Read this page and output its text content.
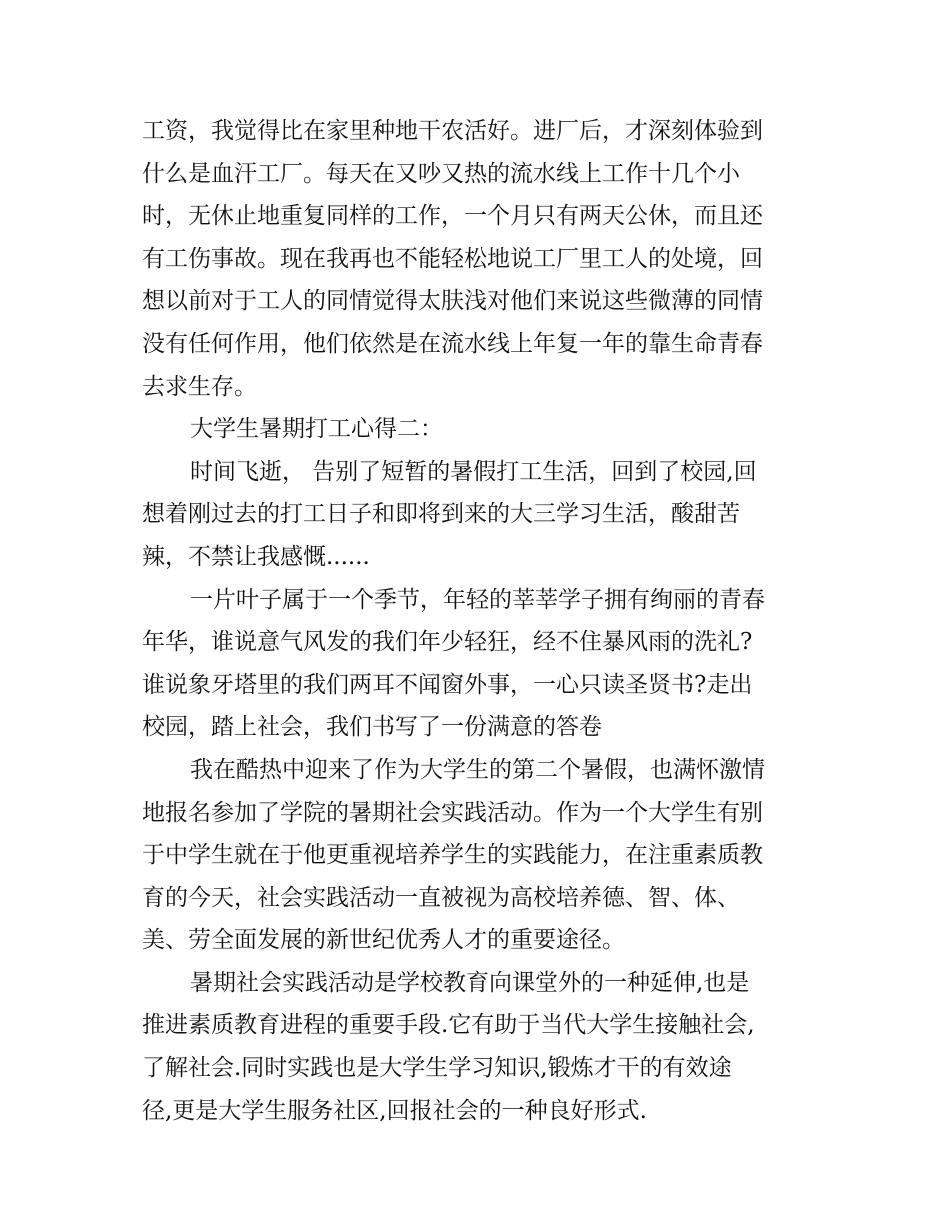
工资，我觉得比在家里种地干农活好。进厂后，才深刻体验到
什么是血汗工厂。每天在又吵又热的流水线上工作十几个小
时，无休止地重复同样的工作，一个月只有两天公休，而且还
有工伤事故。现在我再也不能轻松地说工厂里工人的处境，回
想以前对于工人的同情觉得太肤浅对他们来说这些微薄的同情
没有任何作用，他们依然是在流水线上年复一年的靠生命青春
去求生存。
大学生暑期打工心得二：
时间飞逝， 告别了短暂的暑假打工生活，回到了校园,回
想着刚过去的打工日子和即将到来的大三学习生活，酸甜苦
辣，不禁让我感慨......
一片叶子属于一个季节，年轻的莘莘学子拥有绚丽的青春
年华，谁说意气风发的我们年少轻狂，经不住暴风雨的洗礼?
谁说象牙塔里的我们两耳不闻窗外事，一心只读圣贤书?走出
校园，踏上社会，我们书写了一份满意的答卷
我在酷热中迎来了作为大学生的第二个暑假，也满怀激情
地报名参加了学院的暑期社会实践活动。作为一个大学生有别
于中学生就在于他更重视培养学生的实践能力，在注重素质教
育的今天，社会实践活动一直被视为高校培养德、智、体、
美、劳全面发展的新世纪优秀人才的重要途径。
暑期社会实践活动是学校教育向课堂外的一种延伸,也是
推进素质教育进程的重要手段.它有助于当代大学生接触社会,
了解社会.同时实践也是大学生学习知识,锻炼才干的有效途
径,更是大学生服务社区,回报社会的一种良好形式.
